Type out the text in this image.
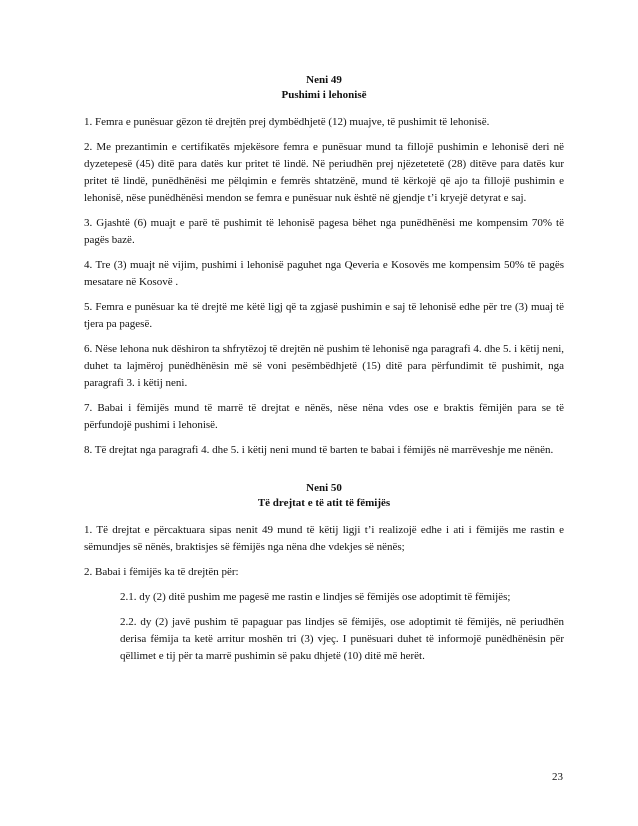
Neni 49
Pushimi i lehonisë

1. Femra e punësuar gëzon të drejtën prej dymbëdhjetë (12) muajve, të pushimit të lehonisë.

2. Me prezantimin e certifikatës mjekësore femra e punësuar mund ta fillojë pushimin e lehonisë deri në dyzetepesë (45) ditë para datës kur pritet të lindë. Në periudhën prej njëzetetetë (28) ditëve para datës kur pritet të lindë, punëdhënësi me pëlqimin e femrës shtatzënë, mund të kërkojë që ajo ta fillojë pushimin e lehonisë, nëse punëdhënësi mendon se femra e punësuar nuk është në gjendje t’i kryejë detyrat e saj.

3. Gjashtë (6) muajt e parë të pushimit të lehonisë pagesa bëhet nga punëdhënësi me kompensim 70% të pagës bazë.

4. Tre (3) muajt në vijim, pushimi i lehonisë paguhet nga Qeveria e Kosovës me kompensim 50% të pagës mesatare në Kosovë .

5. Femra e punësuar ka të drejtë me këtë ligj që ta zgjasë pushimin e saj të lehonisë edhe për tre (3) muaj të tjera pa pagesë.

6. Nëse lehona nuk dëshiron ta shfrytëzoj të drejtën në pushim të lehonisë nga paragrafi 4. dhe 5. i këtij neni, duhet ta lajmëroj punëdhënësin më së voni pesëmbëdhjetë (15) ditë para përfundimit të pushimit, nga paragrafi 3. i këtij neni.

7. Babai i fëmijës mund të marrë të drejtat e nënës, nëse nëna vdes ose e braktis fëmijën para se të përfundojë pushimi i lehonisë.

8. Të drejtat nga paragrafi 4. dhe 5. i këtij neni mund të barten te babai i fëmijës në marrëveshje me nënën.

Neni 50
Të drejtat e të atit të fëmijës

1. Të drejtat e përcaktuara sipas nenit 49 mund të këtij ligji t’i realizojë edhe i ati i fëmijës me rastin e sëmundjes së nënës, braktisjes së fëmijës nga nëna dhe vdekjes së nënës;

2. Babai i fëmijës ka të drejtën për:

2.1. dy (2) ditë pushim me pagesë me rastin e lindjes së fëmijës ose adoptimit të fëmijës;

2.2. dy (2) javë pushim të papaguar pas lindjes së fëmijës, ose adoptimit të fëmijës, në periudhën derisa fëmija ta ketë arritur moshën tri (3) vjeç. I punësuari duhet të informojë punëdhënësin për qëllimet e tij për ta marrë pushimin së paku dhjetë (10) ditë më herët.

23
